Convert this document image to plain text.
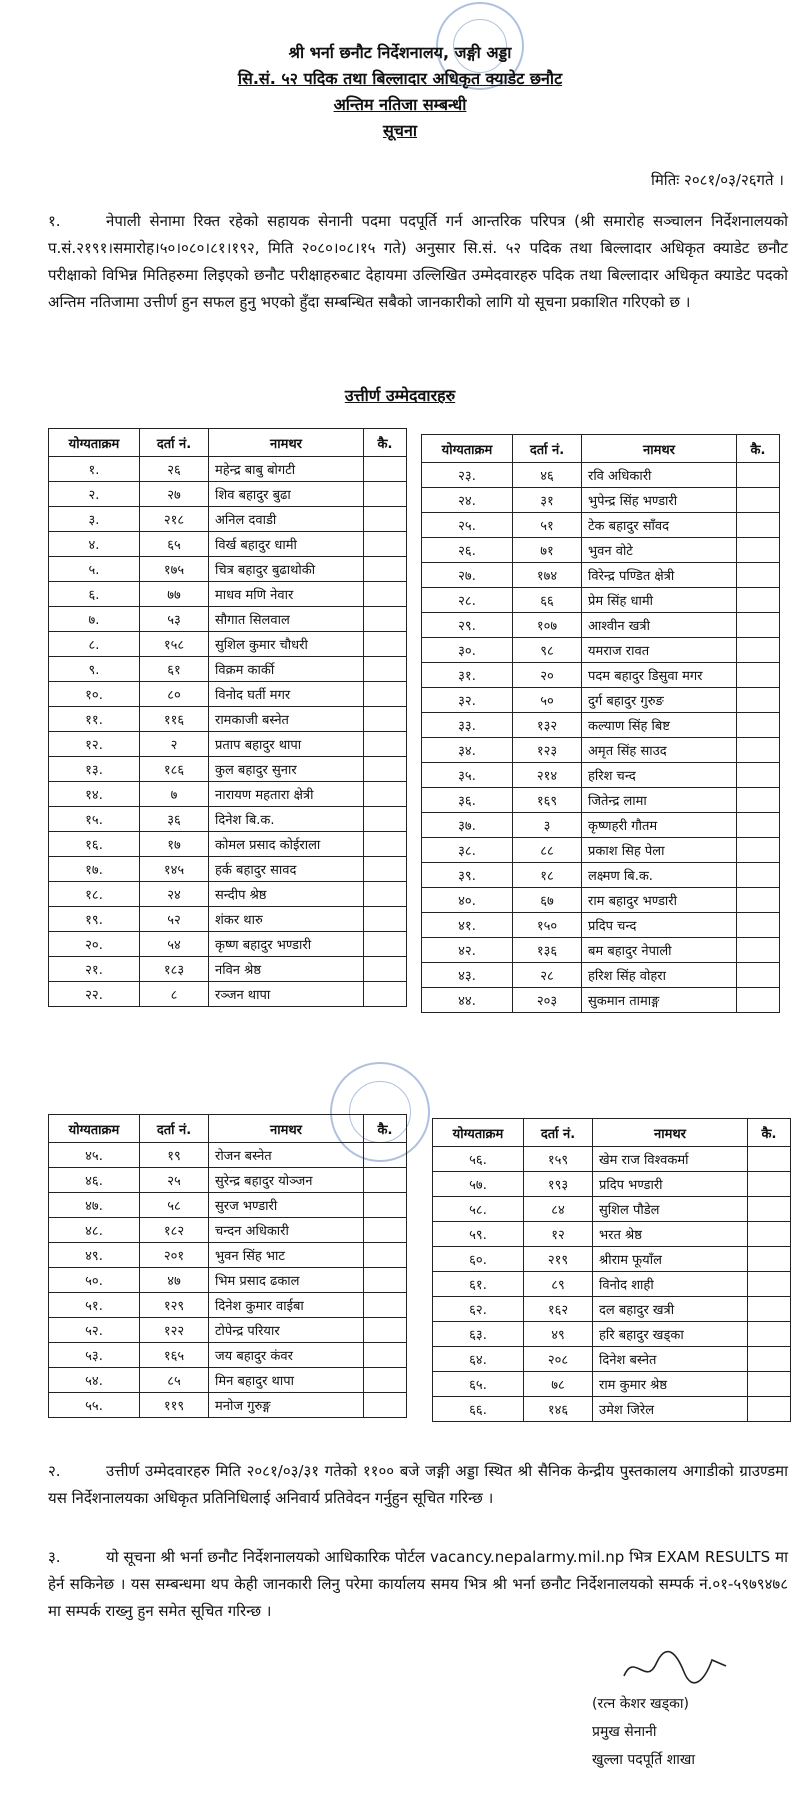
श्री भर्ना छनौट निर्देशनालय, जङ्गी अड्डा
सि.सं. ५२ पदिक तथा बिल्लादार अधिकृत क्याडेट छनौट
अन्तिम नतिजा सम्बन्धी
सूचना
मितिः २०८१/०३/२६गते ।
१.	नेपाली सेनामा रिक्त रहेको सहायक सेनानी पदमा पदपूर्ति गर्न आन्तरिक परिपत्र (श्री समारोह सञ्चालन निर्देशनालयको प.सं.२१९१।समारोह।५०।०८०।८१।१९२, मिति २०८०।०८।१५ गते) अनुसार सि.सं. ५२ पदिक तथा बिल्लादार अधिकृत क्याडेट छनौट परीक्षाको विभिन्न मितिहरुमा लिइएको छनौट परीक्षाहरुबाट देहायमा उल्लिखित उम्मेदवारहरु पदिक तथा बिल्लादार अधिकृत क्याडेट पदको अन्तिम नतिजामा उत्तीर्ण हुन सफल हुनु भएको हुँदा सम्बन्धित सबैको जानकारीको लागि यो सूचना प्रकाशित गरिएको छ ।
उत्तीर्ण उम्मेदवारहरु
योग्यताक्रम	दर्ता नं.	नामथर	कै.
१.	२६	महेन्द्र बाबु बोगटी	
२.	२७	शिव बहादुर बुढा	
३.	२१८	अनिल दवाडी	
४.	६५	विर्ख बहादुर धामी	
५.	१७५	चित्र बहादुर बुढाथोकी	
६.	७७	माधव मणि नेवार	
७.	५३	सौगात सिलवाल	
८.	१५८	सुशिल कुमार चौधरी	
९.	६१	विक्रम कार्की	
१०.	८०	विनोद घर्ती मगर	
११.	११६	रामकाजी बस्नेत	
१२.	२	प्रताप बहादुर थापा	
१३.	१८६	कुल बहादुर सुनार	
१४.	७	नारायण महतारा क्षेत्री	
१५.	३६	दिनेश बि.क.	
१६.	१७	कोमल प्रसाद कोईराला	
१७.	१४५	हर्क बहादुर सावद	
१८.	२४	सन्दीप श्रेष्ठ	
१९.	५२	शंकर थारु	
२०.	५४	कृष्ण बहादुर भण्डारी	
२१.	१८३	नविन श्रेष्ठ	
२२.	८	रञ्जन थापा	
योग्यताक्रम	दर्ता नं.	नामथर	कै.
२३.	४६	रवि अधिकारी	
२४.	३१	भुपेन्द्र सिंह भण्डारी	
२५.	५१	टेक बहादुर साँवद	
२६.	७१	भुवन वोटे	
२७.	१७४	विरेन्द्र पण्डित क्षेत्री	
२८.	६६	प्रेम सिंह धामी	
२९.	१०७	आश्वीन खत्री	
३०.	९८	यमराज रावत	
३१.	२०	पदम बहादुर डिसुवा मगर	
३२.	५०	दुर्ग बहादुर गुरुङ	
३३.	१३२	कल्याण सिंह बिष्ट	
३४.	१२३	अमृत सिंह साउद	
३५.	२१४	हरिश चन्द	
३६.	१६९	जितेन्द्र लामा	
३७.	३	कृष्णहरी गौतम	
३८.	८८	प्रकाश सिह पेला	
३९.	१८	लक्ष्मण बि.क.	
४०.	६७	राम बहादुर भण्डारी	
४१.	१५०	प्रदिप चन्द	
४२.	१३६	बम बहादुर नेपाली	
४३.	२८	हरिश सिंह वोहरा	
४४.	२०३	सुकमान तामाङ्ग	
योग्यताक्रम	दर्ता नं.	नामथर	कै.
४५.	१९	रोजन बस्नेत	
४६.	२५	सुरेन्द्र बहादुर योञ्जन	
४७.	५८	सुरज भण्डारी	
४८.	१८२	चन्दन अधिकारी	
४९.	२०१	भुवन सिंह भाट	
५०.	४७	भिम प्रसाद ढकाल	
५१.	१२९	दिनेश कुमार वाईबा	
५२.	१२२	टोपेन्द्र परियार	
५३.	१६५	जय बहादुर कंवर	
५४.	८५	मिन बहादुर थापा	
५५.	११९	मनोज गुरुङ्ग	
योग्यताक्रम	दर्ता नं.	नामथर	कै.
५६.	१५९	खेम राज विश्वकर्मा	
५७.	१९३	प्रदिप भण्डारी	
५८.	८४	सुशिल पौडेल	
५९.	१२	भरत श्रेष्ठ	
६०.	२१९	श्रीराम फूयाँल	
६१.	८९	विनोद शाही	
६२.	१६२	दल बहादुर खत्री	
६३.	४९	हरि बहादुर खड्का	
६४.	२०८	दिनेश बस्नेत	
६५.	७८	राम कुमार श्रेष्ठ	
६६.	१४६	उमेश जिरेल	
२.	उत्तीर्ण उम्मेदवारहरु मिति २०८१/०३/३१ गतेको ११०० बजे जङ्गी अड्डा स्थित श्री सैनिक केन्द्रीय पुस्तकालय अगाडीको ग्राउण्डमा यस निर्देशनालयका अधिकृत प्रतिनिधिलाई अनिवार्य प्रतिवेदन गर्नुहुन सूचित गरिन्छ ।
३.	यो सूचना श्री भर्ना छनौट निर्देशनालयको आधिकारिक पोर्टल vacancy.nepalarmy.mil.np भित्र EXAM RESULTS मा हेर्न सकिनेछ । यस सम्बन्धमा थप केही जानकारी लिनु परेमा कार्यालय समय भित्र श्री भर्ना छनौट निर्देशनालयको सम्पर्क नं.०१-५९७९४७८ मा सम्पर्क राख्नु हुन समेत सूचित गरिन्छ ।
(रत्न केशर खड्का)
प्रमुख सेनानी
खुल्ला पदपूर्ति शाखा
